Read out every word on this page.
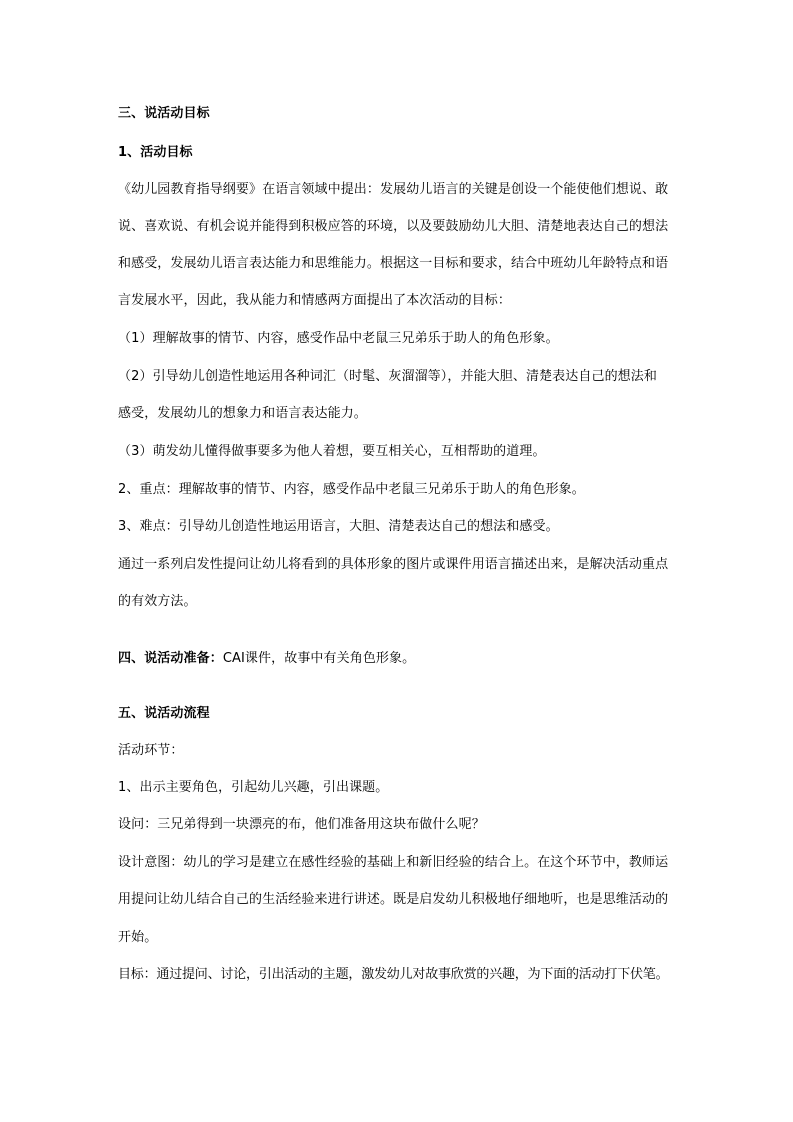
三、说活动目标
1、活动目标
《幼儿园教育指导纲要》在语言领域中提出：发展幼儿语言的关键是创设一个能使他们想说、敢
说、喜欢说、有机会说并能得到积极应答的环境，以及要鼓励幼儿大胆、清楚地表达自己的想法
和感受，发展幼儿语言表达能力和思维能力。根据这一目标和要求，结合中班幼儿年龄特点和语
言发展水平，因此，我从能力和情感两方面提出了本次活动的目标：
（1）理解故事的情节、内容，感受作品中老鼠三兄弟乐于助人的角色形象。
（2）引导幼儿创造性地运用各种词汇（时髦、灰溜溜等），并能大胆、清楚表达自己的想法和
感受，发展幼儿的想象力和语言表达能力。
（3）萌发幼儿懂得做事要多为他人着想，要互相关心，互相帮助的道理。
2、重点：理解故事的情节、内容，感受作品中老鼠三兄弟乐于助人的角色形象。
3、难点：引导幼儿创造性地运用语言，大胆、清楚表达自己的想法和感受。
通过一系列启发性提问让幼儿将看到的具体形象的图片或课件用语言描述出来，是解决活动重点
的有效方法。
四、说活动准备：CAI课件，故事中有关角色形象。
五、说活动流程
活动环节：
1、出示主要角色，引起幼儿兴趣，引出课题。
设问：三兄弟得到一块漂亮的布，他们准备用这块布做什么呢？
设计意图：幼儿的学习是建立在感性经验的基础上和新旧经验的结合上。在这个环节中，教师运
用提问让幼儿结合自己的生活经验来进行讲述。既是启发幼儿积极地仔细地听，也是思维活动的
开始。
目标：通过提问、讨论，引出活动的主题，激发幼儿对故事欣赏的兴趣，为下面的活动打下伏笔。
